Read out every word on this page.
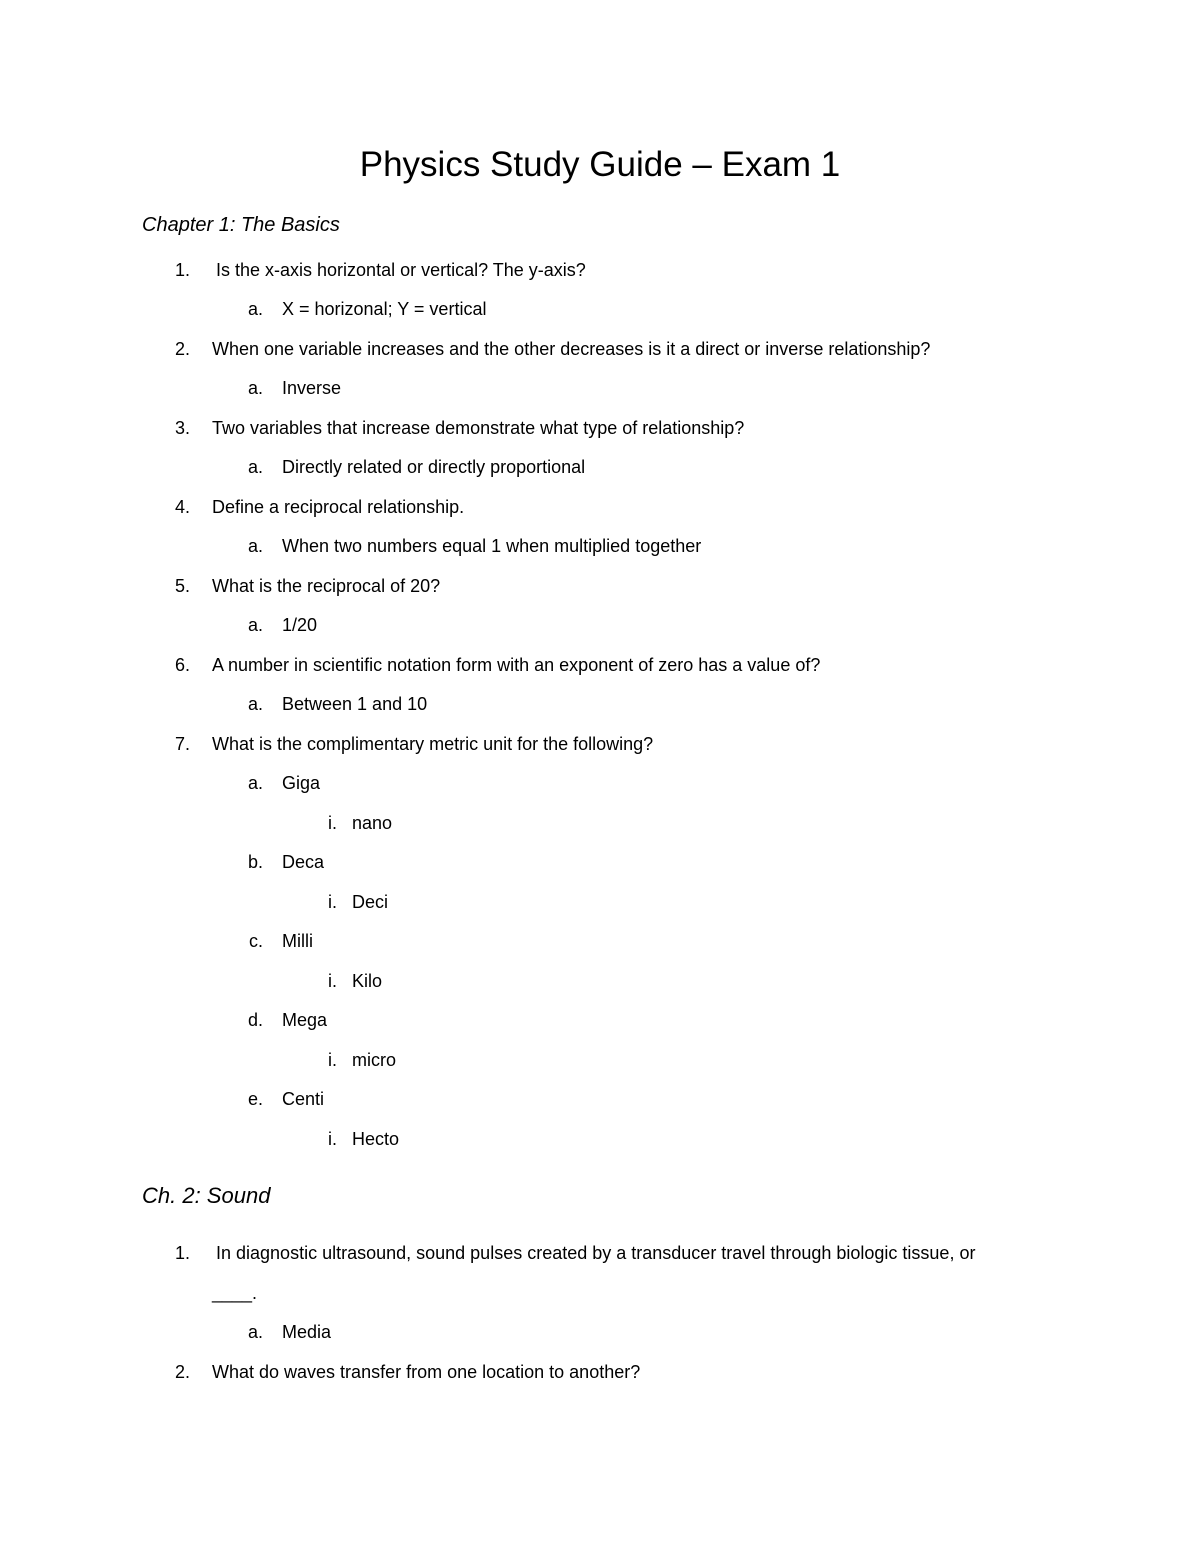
Physics Study Guide – Exam 1
Chapter 1: The Basics
1. Is the x-axis horizontal or vertical? The y-axis?
a. X = horizonal; Y = vertical
2. When one variable increases and the other decreases is it a direct or inverse relationship?
a. Inverse
3. Two variables that increase demonstrate what type of relationship?
a. Directly related or directly proportional
4. Define a reciprocal relationship.
a. When two numbers equal 1 when multiplied together
5. What is the reciprocal of 20?
a. 1/20
6. A number in scientific notation form with an exponent of zero has a value of?
a. Between 1 and 10
7. What is the complimentary metric unit for the following?
a. Giga
i. nano
b. Deca
i. Deci
c. Milli
i. Kilo
d. Mega
i. micro
e. Centi
i. Hecto
Ch. 2: Sound
1. In diagnostic ultrasound, sound pulses created by a transducer travel through biologic tissue, or
____.
a. Media
2. What do waves transfer from one location to another?
